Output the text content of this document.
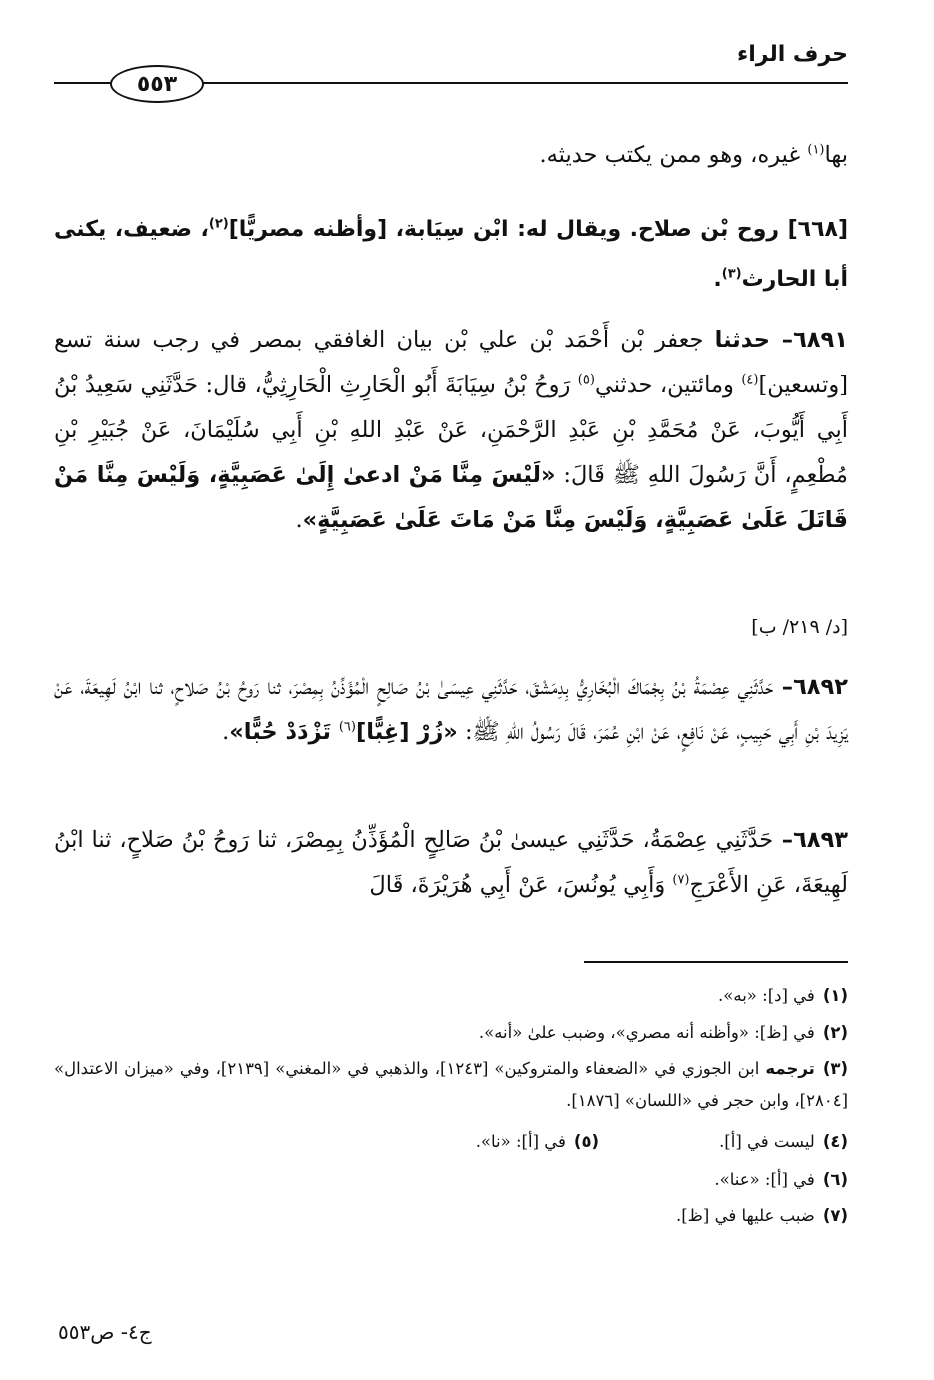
حرف الراء
٥٥٣

بها$^{(١)}$ غيره، وهو ممن يكتب حديثه.

[٦٦٨] روح بْن صلاح. ويقال له: ابْن سِيَابة، [وأظنه مصريًّا]$^{(٢)}$، ضعيف، يكنى أبا الحارث$^{(٣)}$.

٦٨٩١– حدثنا جعفر بْن أَحْمَد بْن علي بْن بيان الغافقي بمصر في رجب سنة تسع [وتسعين]$^{(٤)}$ ومائتين، حدثني$^{(٥)}$ رَوحُ بْنُ سِيَابَةَ أَبُو الْحَارِثِ الْحَارِثِيُّ، قال: حَدَّثَنِي سَعِيدُ بْنُ أَبِي أَيُّوبَ، عَنْ مُحَمَّدِ بْنِ عَبْدِ الرَّحْمَنِ، عَنْ عَبْدِ اللهِ بْنِ أَبِي سُلَيْمَانَ، عَنْ جُبَيْرِ بْنِ مُطْعِمٍ، أَنَّ رَسُولَ اللهِ ﷺ قَالَ: «لَيْسَ مِنَّا مَنْ ادعىٰ إِلَىٰ عَصَبِيَّةٍ، وَلَيْسَ مِنَّا مَنْ قَاتَلَ عَلَىٰ عَصَبِيَّةٍ، وَلَيْسَ مِنَّا مَنْ مَاتَ عَلَىٰ عَصَبِيَّةٍ».

[د/ ٢١٩/ ب]

٦٨٩٢– حَدَّثَنِي عِصْمَةُ بْنُ بِجْمَاكَ الْبُخَارِيُّ بِدِمَشْقَ، حَدَّثَنِي عِيسَىٰ بْنُ صَالِحٍ الْمُؤَذِّنُ بِمِصْرَ، ثنا رَوحُ بْنُ صَلاحٍ، ثنا ابْنُ لَهِيعَةَ، عَنْ يَزِيدَ بْنِ أَبِي حَبِيبٍ، عَنْ نَافِعٍ، عَنْ ابْنِ عُمَرَ، قَالَ رَسُولُ اللهِ ﷺ: «زُرْ [غِبًّا]$^{(٦)}$ تَزْدَدْ حُبًّا».

٦٨٩٣– حَدَّثَنِي عِصْمَةُ، حَدَّثَنِي عيسىٰ بْنُ صَالِحٍ الْمُؤَذِّنُ بِمِصْرَ، ثنا رَوحُ بْنُ صَلاحٍ، ثنا ابْنُ لَهِيعَةَ، عَنِ الأَعْرَجِ$^{(٧)}$ وَأَبِي يُونُسَ، عَنْ أَبِي هُرَيْرَةَ، قَالَ

(١)في [د]: «به».
(٢)في [ظ]: «وأظنه أنه مصري»، وضبب علىٰ «أنه».
(٣)ترجمه ابن الجوزي في «الضعفاء والمتروكين» [١٢٤٣]، والذهبي في «المغني» [٢١٣٩]، وفي «ميزان الاعتدال» [٢٨٠٤]، وابن حجر في «اللسان» [١٨٧٦].
(٤)ليست في [أ].(٥)في [أ]: «نا».
(٦)في [أ]: «عنا».
(٧)ضبب عليها في [ظ].
ج٤- ص٥٥٣
